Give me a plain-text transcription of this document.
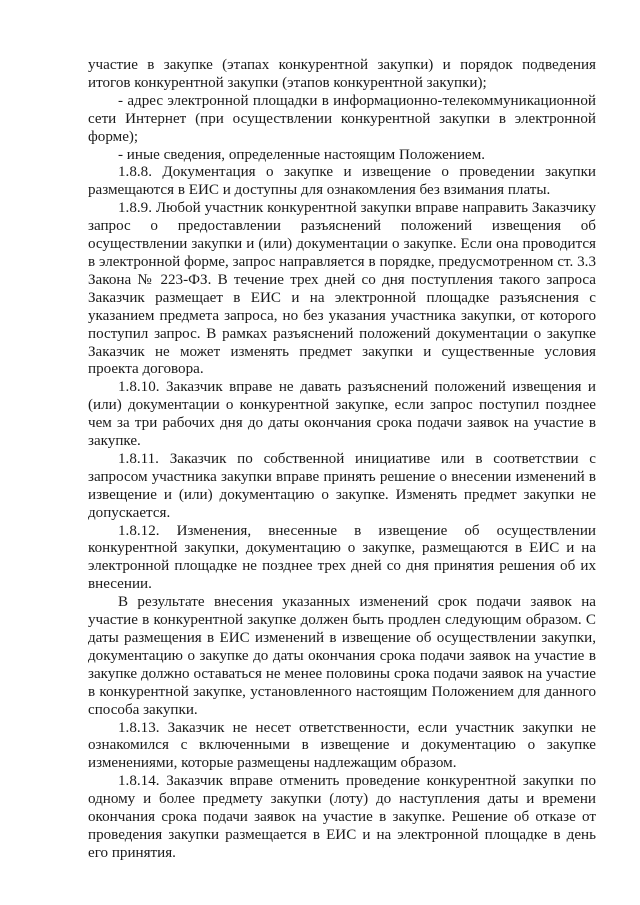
участие в закупке (этапах конкурентной закупки) и порядок подведения итогов конкурентной закупки (этапов конкурентной закупки);

- адрес электронной площадки в информационно-телекоммуникационной сети Интернет (при осуществлении конкурентной закупки в электронной форме);

- иные сведения, определенные настоящим Положением.

1.8.8. Документация о закупке и извещение о проведении закупки размещаются в ЕИС и доступны для ознакомления без взимания платы.

1.8.9. Любой участник конкурентной закупки вправе направить Заказчику запрос о предоставлении разъяснений положений извещения об осуществлении закупки и (или) документации о закупке. Если она проводится в электронной форме, запрос направляется в порядке, предусмотренном ст. 3.3 Закона № 223-ФЗ. В течение трех дней со дня поступления такого запроса Заказчик размещает в ЕИС и на электронной площадке разъяснения с указанием предмета запроса, но без указания участника закупки, от которого поступил запрос. В рамках разъяснений положений документации о закупке Заказчик не может изменять предмет закупки и существенные условия проекта договора.

1.8.10. Заказчик вправе не давать разъяснений положений извещения и (или) документации о конкурентной закупке, если запрос поступил позднее чем за три рабочих дня до даты окончания срока подачи заявок на участие в закупке.

1.8.11. Заказчик по собственной инициативе или в соответствии с запросом участника закупки вправе принять решение о внесении изменений в извещение и (или) документацию о закупке. Изменять предмет закупки не допускается.

1.8.12. Изменения, внесенные в извещение об осуществлении конкурентной закупки, документацию о закупке, размещаются в ЕИС и на электронной площадке не позднее трех дней со дня принятия решения об их внесении.

В результате внесения указанных изменений срок подачи заявок на участие в конкурентной закупке должен быть продлен следующим образом. С даты размещения в ЕИС изменений в извещение об осуществлении закупки, документацию о закупке до даты окончания срока подачи заявок на участие в закупке должно оставаться не менее половины срока подачи заявок на участие в конкурентной закупке, установленного настоящим Положением для данного способа закупки.

1.8.13. Заказчик не несет ответственности, если участник закупки не ознакомился с включенными в извещение и документацию о закупке изменениями, которые размещены надлежащим образом.

1.8.14. Заказчик вправе отменить проведение конкурентной закупки по одному и более предмету закупки (лоту) до наступления даты и времени окончания срока подачи заявок на участие в закупке. Решение об отказе от проведения закупки размещается в ЕИС и на электронной площадке в день его принятия.
